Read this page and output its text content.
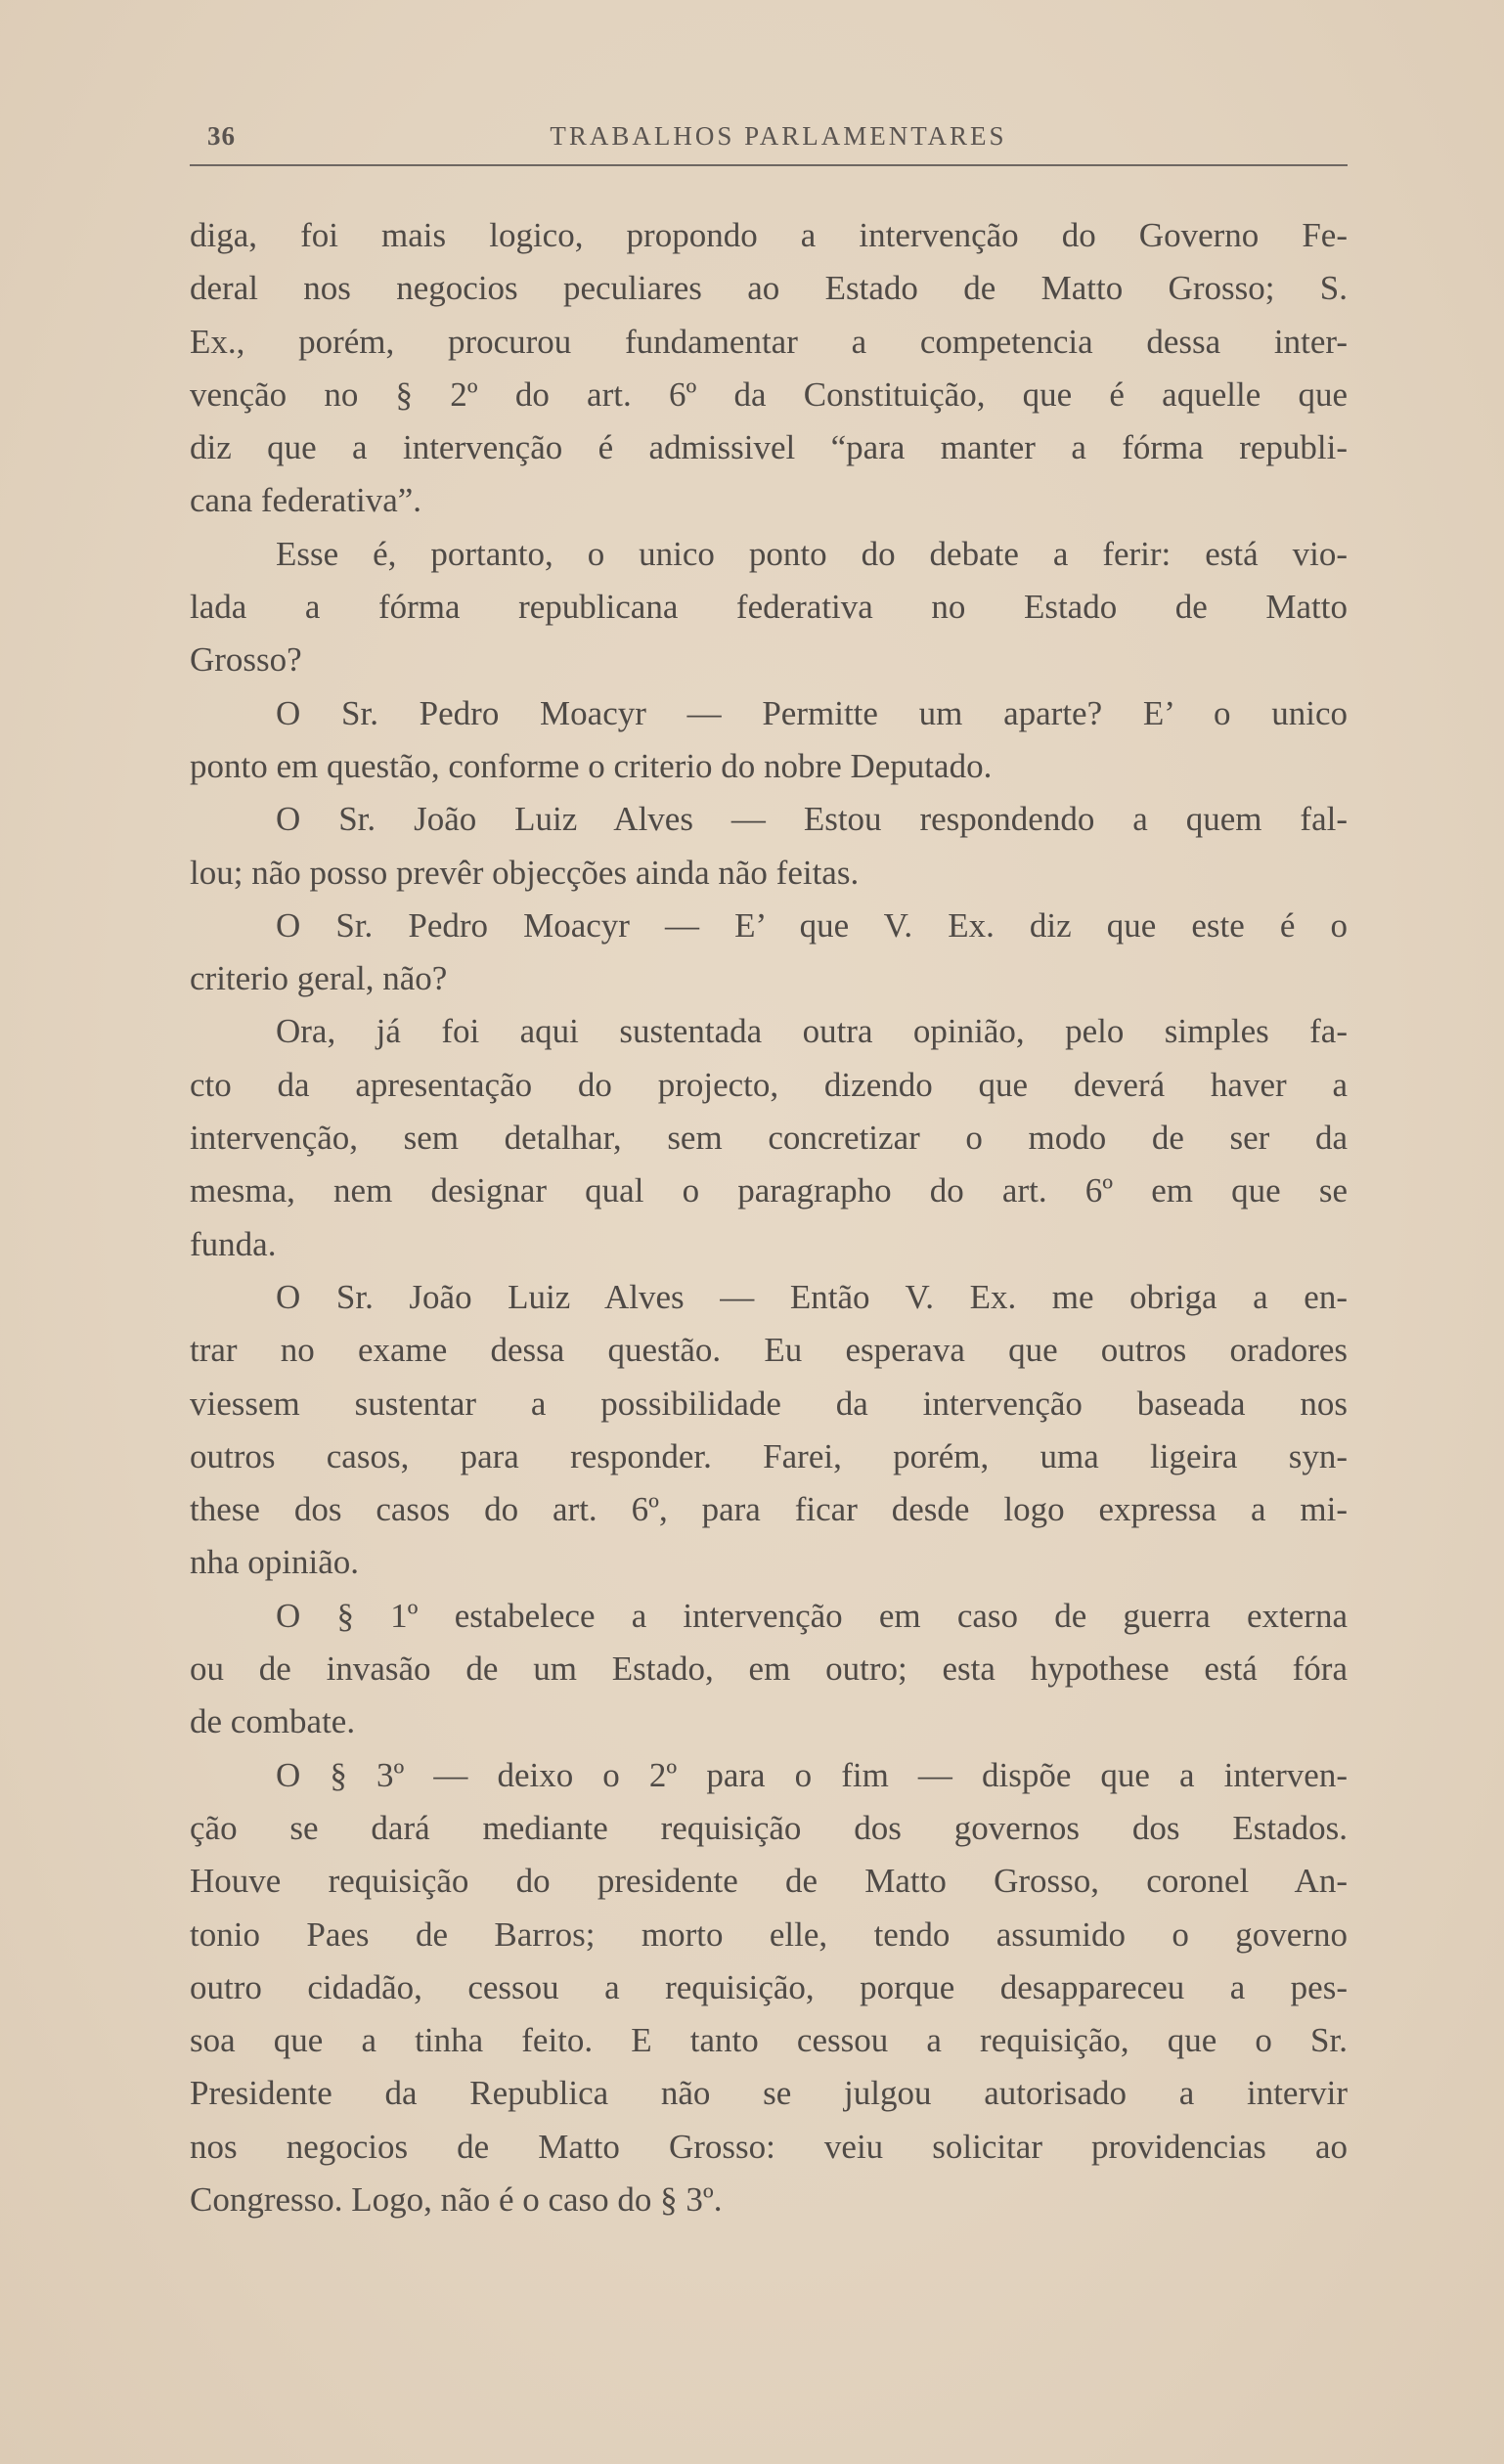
36	TRABALHOS PARLAMENTARES
diga, foi mais logico, propondo a intervenção do Governo Fe-
deral nos negocios peculiares ao Estado de Matto Grosso; S.
Ex., porém, procurou fundamentar a competencia dessa inter-
venção no § 2º do art. 6º da Constituição, que é aquelle que
diz que a intervenção é admissivel “para manter a fórma republi-
cana federativa”.
Esse é, portanto, o unico ponto do debate a ferir: está vio-
lada a fórma republicana federativa no Estado de Matto
Grosso?
O Sr. Pedro Moacyr — Permitte um aparte? E’ o unico
ponto em questão, conforme o criterio do nobre Deputado.
O Sr. João Luiz Alves — Estou respondendo a quem fal-
lou; não posso prevêr objecções ainda não feitas.
O Sr. Pedro Moacyr — E’ que V. Ex. diz que este é o
criterio geral, não?
Ora, já foi aqui sustentada outra opinião, pelo simples fa-
cto da apresentação do projecto, dizendo que deverá haver a
intervenção, sem detalhar, sem concretizar o modo de ser da
mesma, nem designar qual o paragrapho do art. 6º em que se
funda.
O Sr. João Luiz Alves — Então V. Ex. me obriga a en-
trar no exame dessa questão. Eu esperava que outros oradores
viessem sustentar a possibilidade da intervenção baseada nos
outros casos, para responder. Farei, porém, uma ligeira syn-
these dos casos do art. 6º, para ficar desde logo expressa a mi-
nha opinião.
O § 1º estabelece a intervenção em caso de guerra externa
ou de invasão de um Estado, em outro; esta hypothese está fóra
de combate.
O § 3º — deixo o 2º para o fim — dispõe que a interven-
ção se dará mediante requisição dos governos dos Estados.
Houve requisição do presidente de Matto Grosso, coronel An-
tonio Paes de Barros; morto elle, tendo assumido o governo
outro cidadão, cessou a requisição, porque desappareceu a pes-
soa que a tinha feito. E tanto cessou a requisição, que o Sr.
Presidente da Republica não se julgou autorisado a intervir
nos negocios de Matto Grosso: veiu solicitar providencias ao
Congresso. Logo, não é o caso do § 3º.
